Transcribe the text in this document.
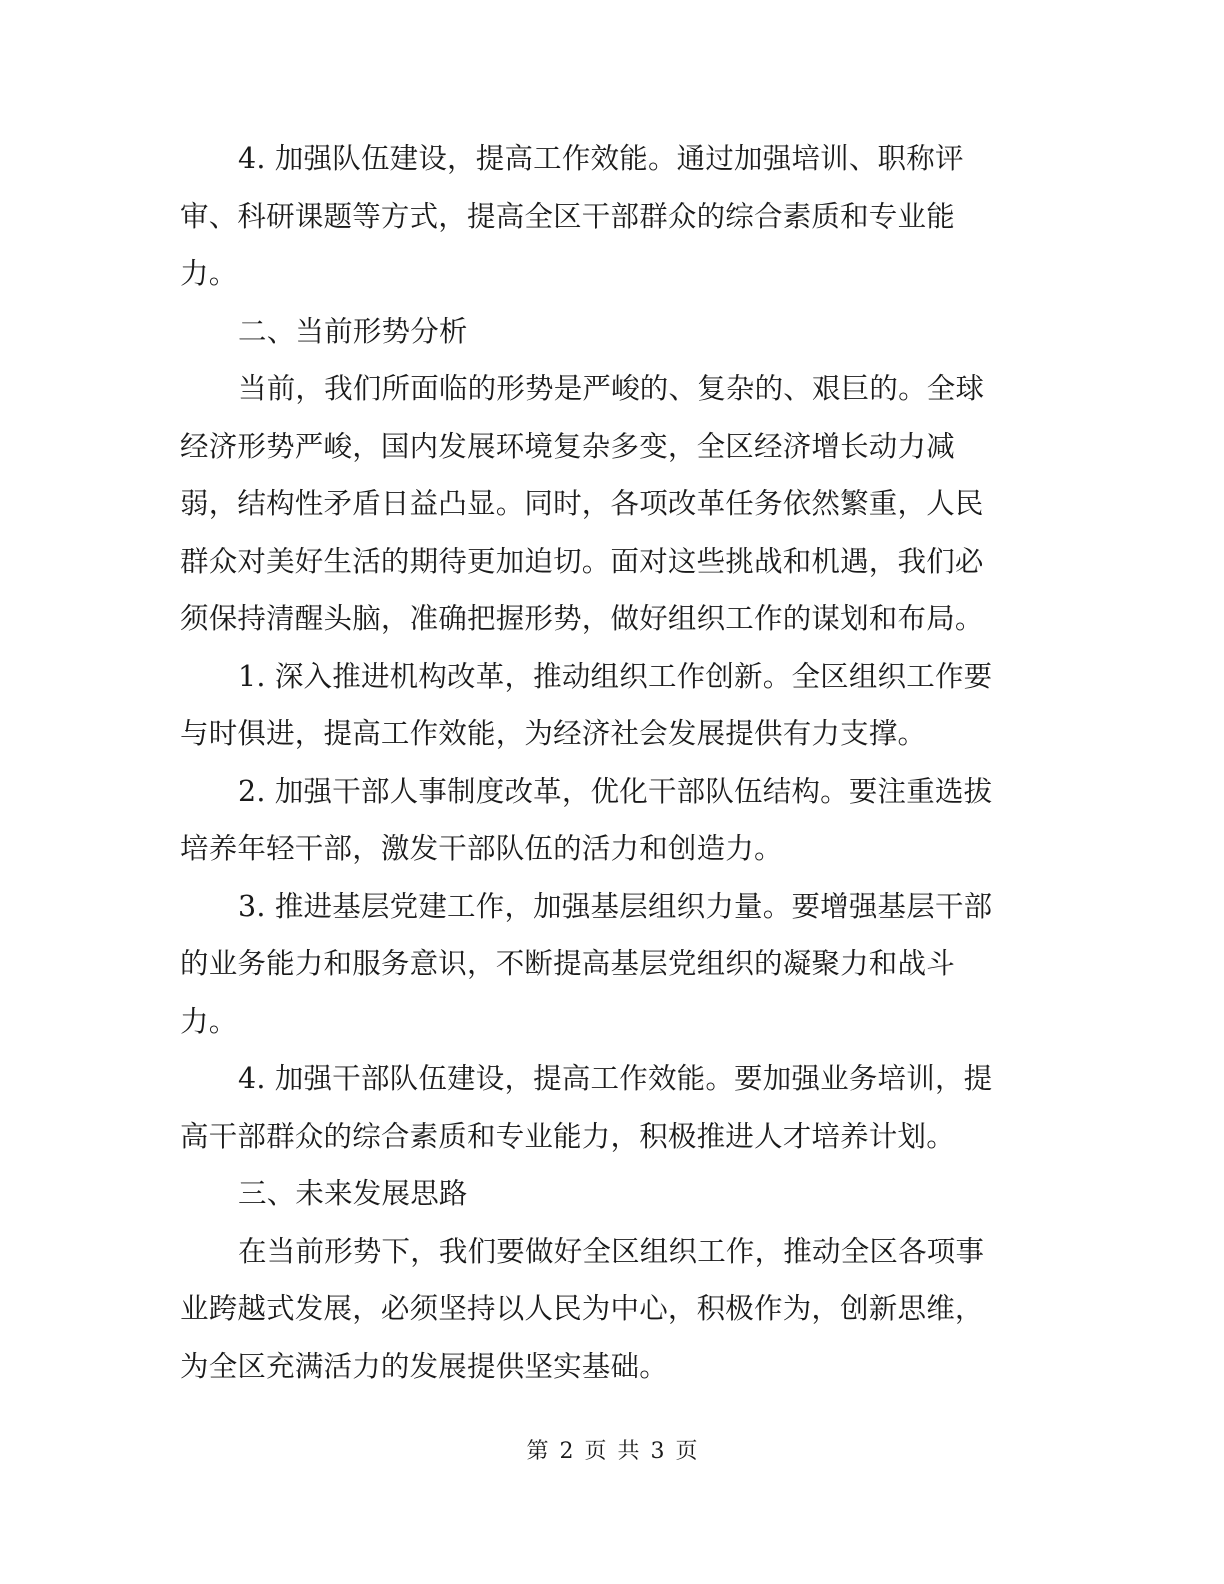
4. 加强队伍建设，提高工作效能。通过加强培训、职称评
审、科研课题等方式，提高全区干部群众的综合素质和专业能
力。
二、当前形势分析
当前，我们所面临的形势是严峻的、复杂的、艰巨的。全球
经济形势严峻，国内发展环境复杂多变，全区经济增长动力减
弱，结构性矛盾日益凸显。同时，各项改革任务依然繁重，人民
群众对美好生活的期待更加迫切。面对这些挑战和机遇，我们必
须保持清醒头脑，准确把握形势，做好组织工作的谋划和布局。
1. 深入推进机构改革，推动组织工作创新。全区组织工作要
与时俱进，提高工作效能，为经济社会发展提供有力支撑。
2. 加强干部人事制度改革，优化干部队伍结构。要注重选拔
培养年轻干部，激发干部队伍的活力和创造力。
3. 推进基层党建工作，加强基层组织力量。要增强基层干部
的业务能力和服务意识，不断提高基层党组织的凝聚力和战斗
力。
4. 加强干部队伍建设，提高工作效能。要加强业务培训，提
高干部群众的综合素质和专业能力，积极推进人才培养计划。
三、未来发展思路
在当前形势下，我们要做好全区组织工作，推动全区各项事
业跨越式发展，必须坚持以人民为中心，积极作为，创新思维，
为全区充满活力的发展提供坚实基础。
第 2 页 共 3 页
